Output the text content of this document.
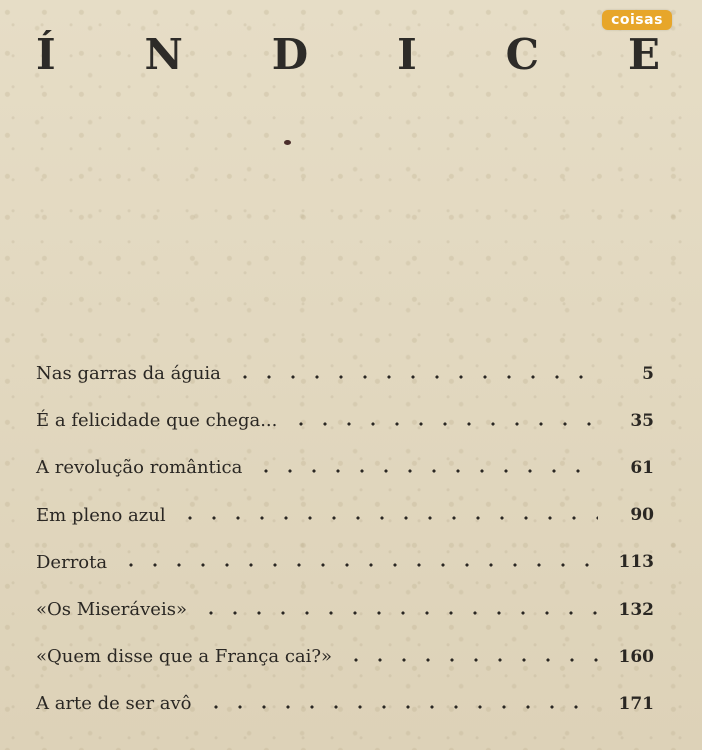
coisas
Í N D I C E
Nas garras da águia	5
É a felicidade que chega...	35
A revolução romântica	61
Em pleno azul	90
Derrota	113
«Os Miseráveis»	132
«Quem disse que a França cai?»	160
A arte de ser avô	171
